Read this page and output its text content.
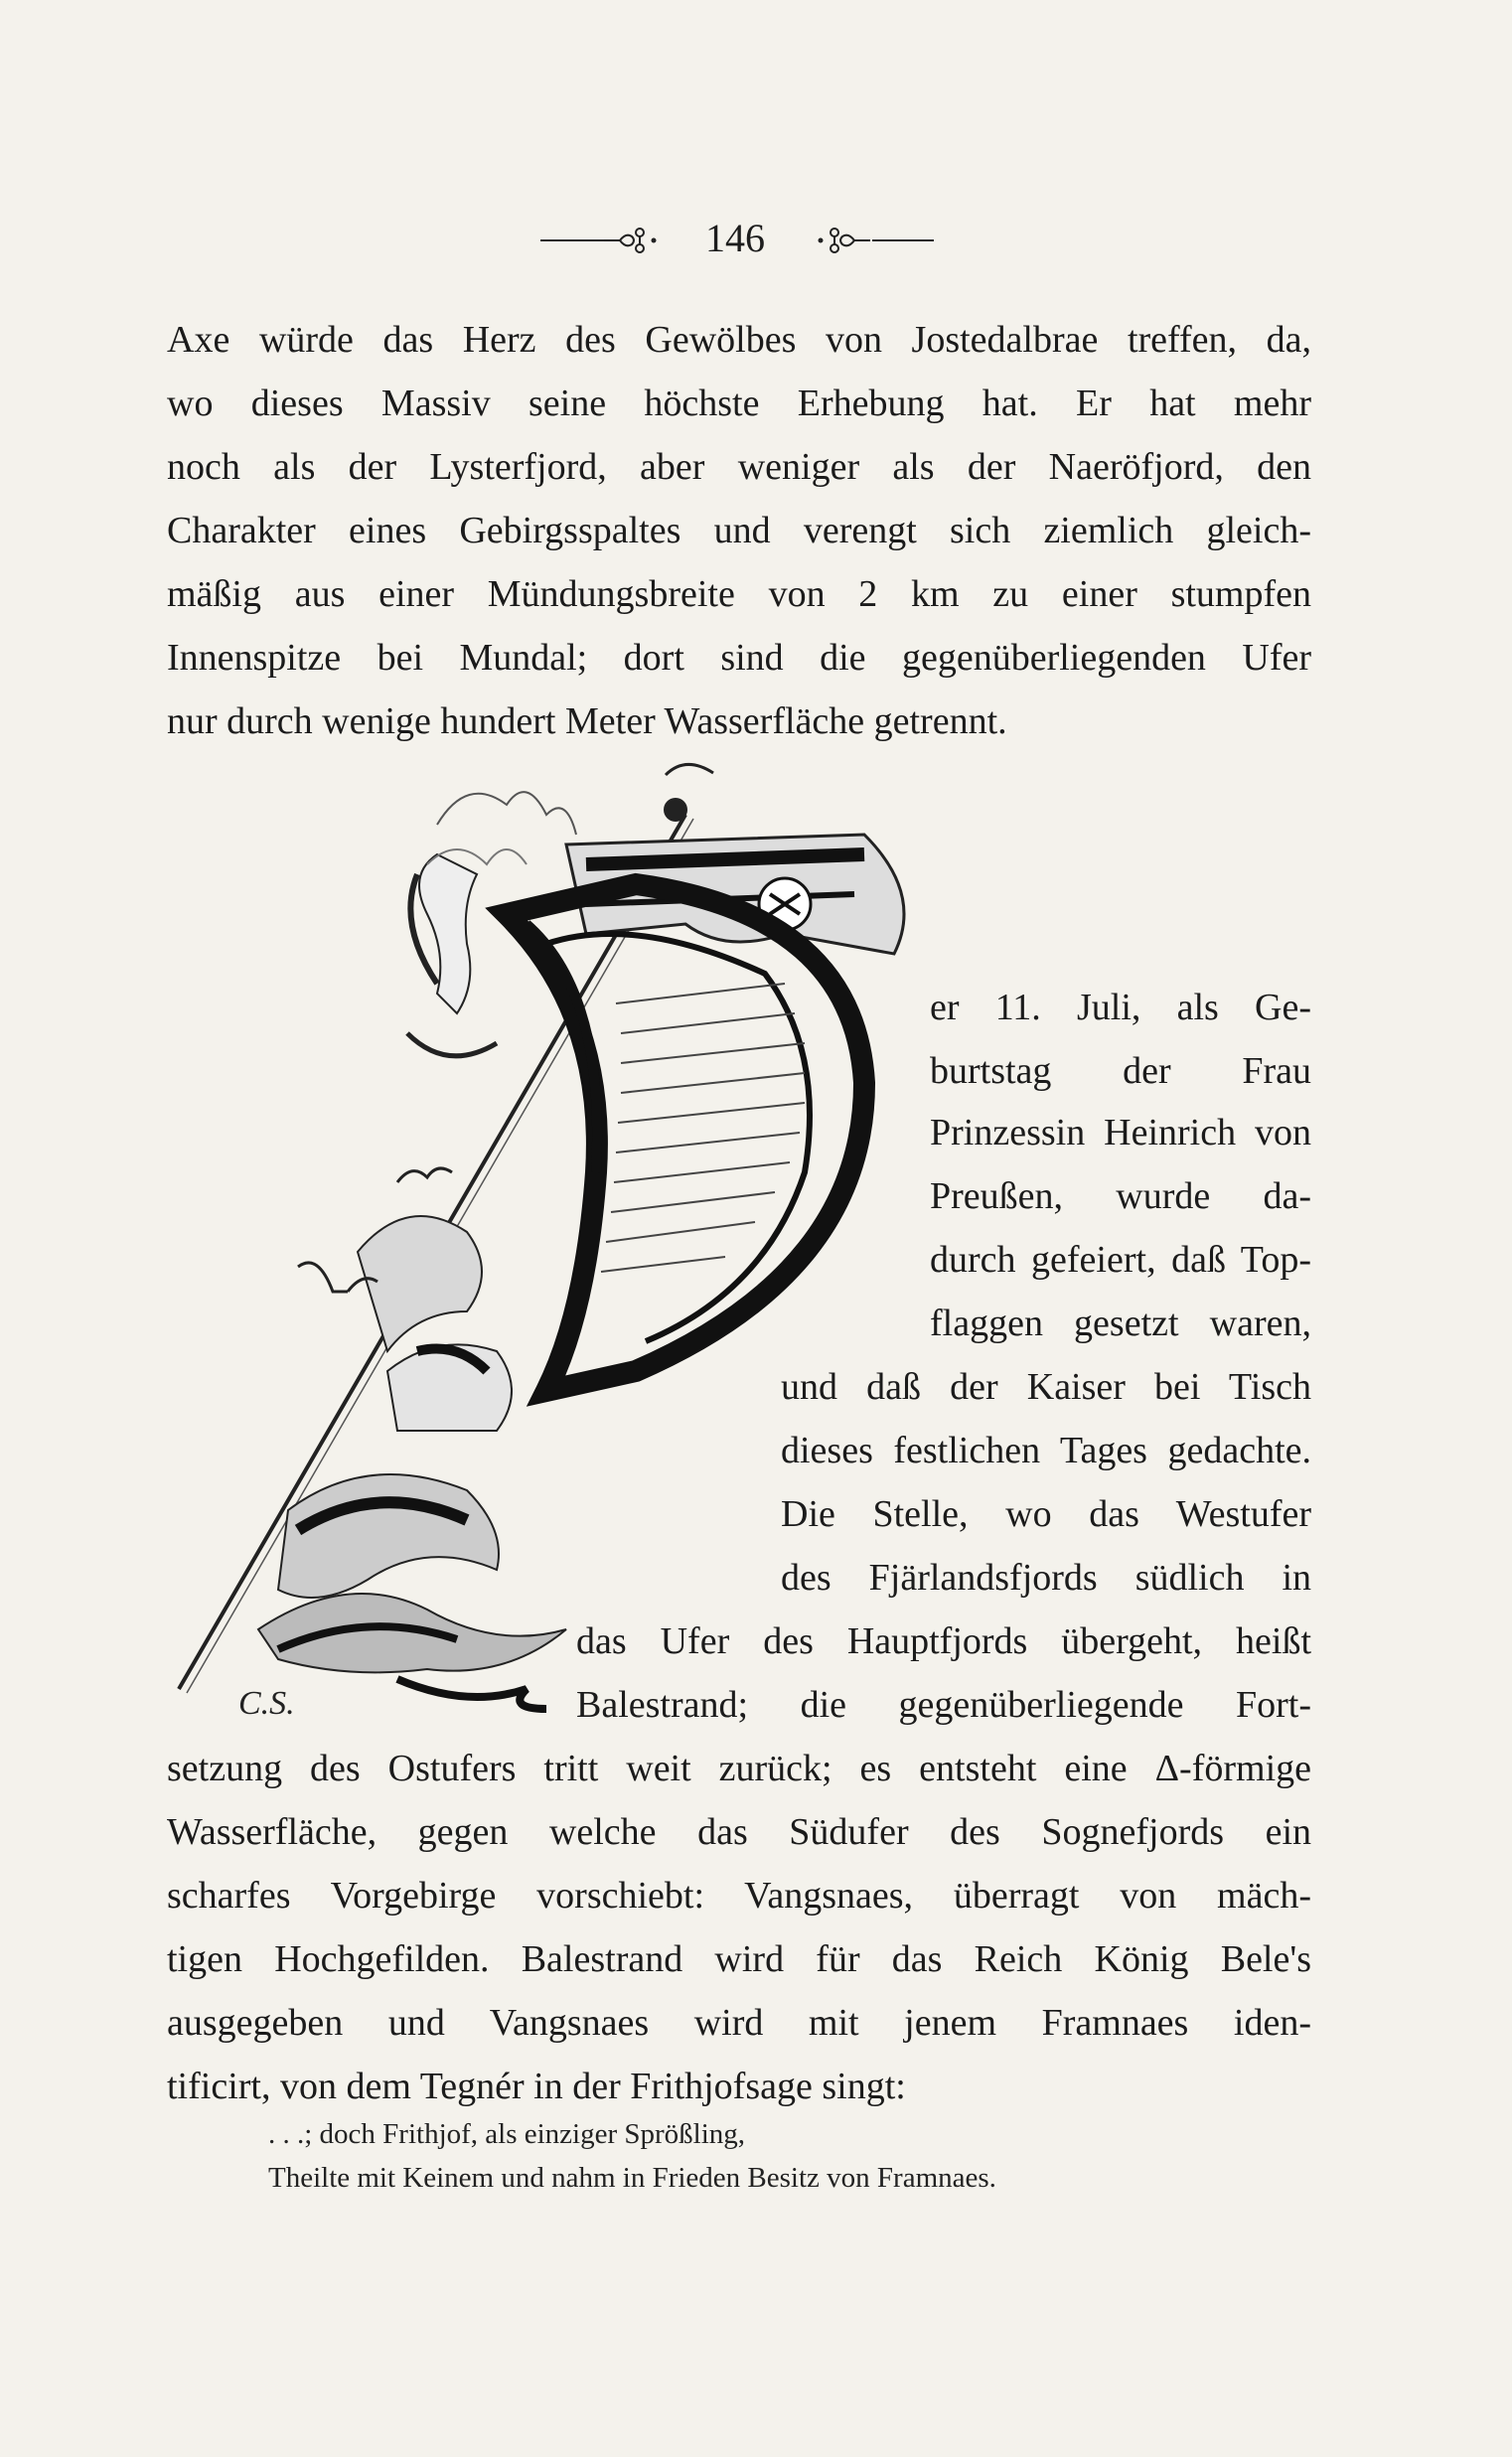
146
Axe würde das Herz des Gewölbes von Jostedalbrae treffen, da,
wo dieses Massiv seine höchste Erhebung hat. Er hat mehr
noch als der Lysterfjord, aber weniger als der Naeröfjord, den
Charakter eines Gebirgsspaltes und verengt sich ziemlich gleich-
mäßig aus einer Mündungsbreite von 2 km zu einer stumpfen
Innenspitze bei Mundal; dort sind die gegenüberliegenden Ufer
nur durch wenige hundert Meter Wasserfläche getrennt.
C.S.
er 11. Juli, als Ge-
burtstag der Frau
Prinzessin Heinrich von
Preußen, wurde da-
durch gefeiert, daß Top-
flaggen gesetzt waren,
und daß der Kaiser bei Tisch
dieses festlichen Tages gedachte.
Die Stelle, wo das Westufer
des Fjärlandsfjords südlich in
das Ufer des Hauptfjords übergeht, heißt
Balestrand; die gegenüberliegende Fort-
setzung des Ostufers tritt weit zurück; es entsteht eine Δ-förmige
Wasserfläche, gegen welche das Südufer des Sognefjords ein
scharfes Vorgebirge vorschiebt: Vangsnaes, überragt von mäch-
tigen Hochgefilden. Balestrand wird für das Reich König Bele's
ausgegeben und Vangsnaes wird mit jenem Framnaes iden-
tificirt, von dem Tegnér in der Frithjofsage singt:
. . .; doch Frithjof, als einziger Sprößling,
Theilte mit Keinem und nahm in Frieden Besitz von Framnaes.
